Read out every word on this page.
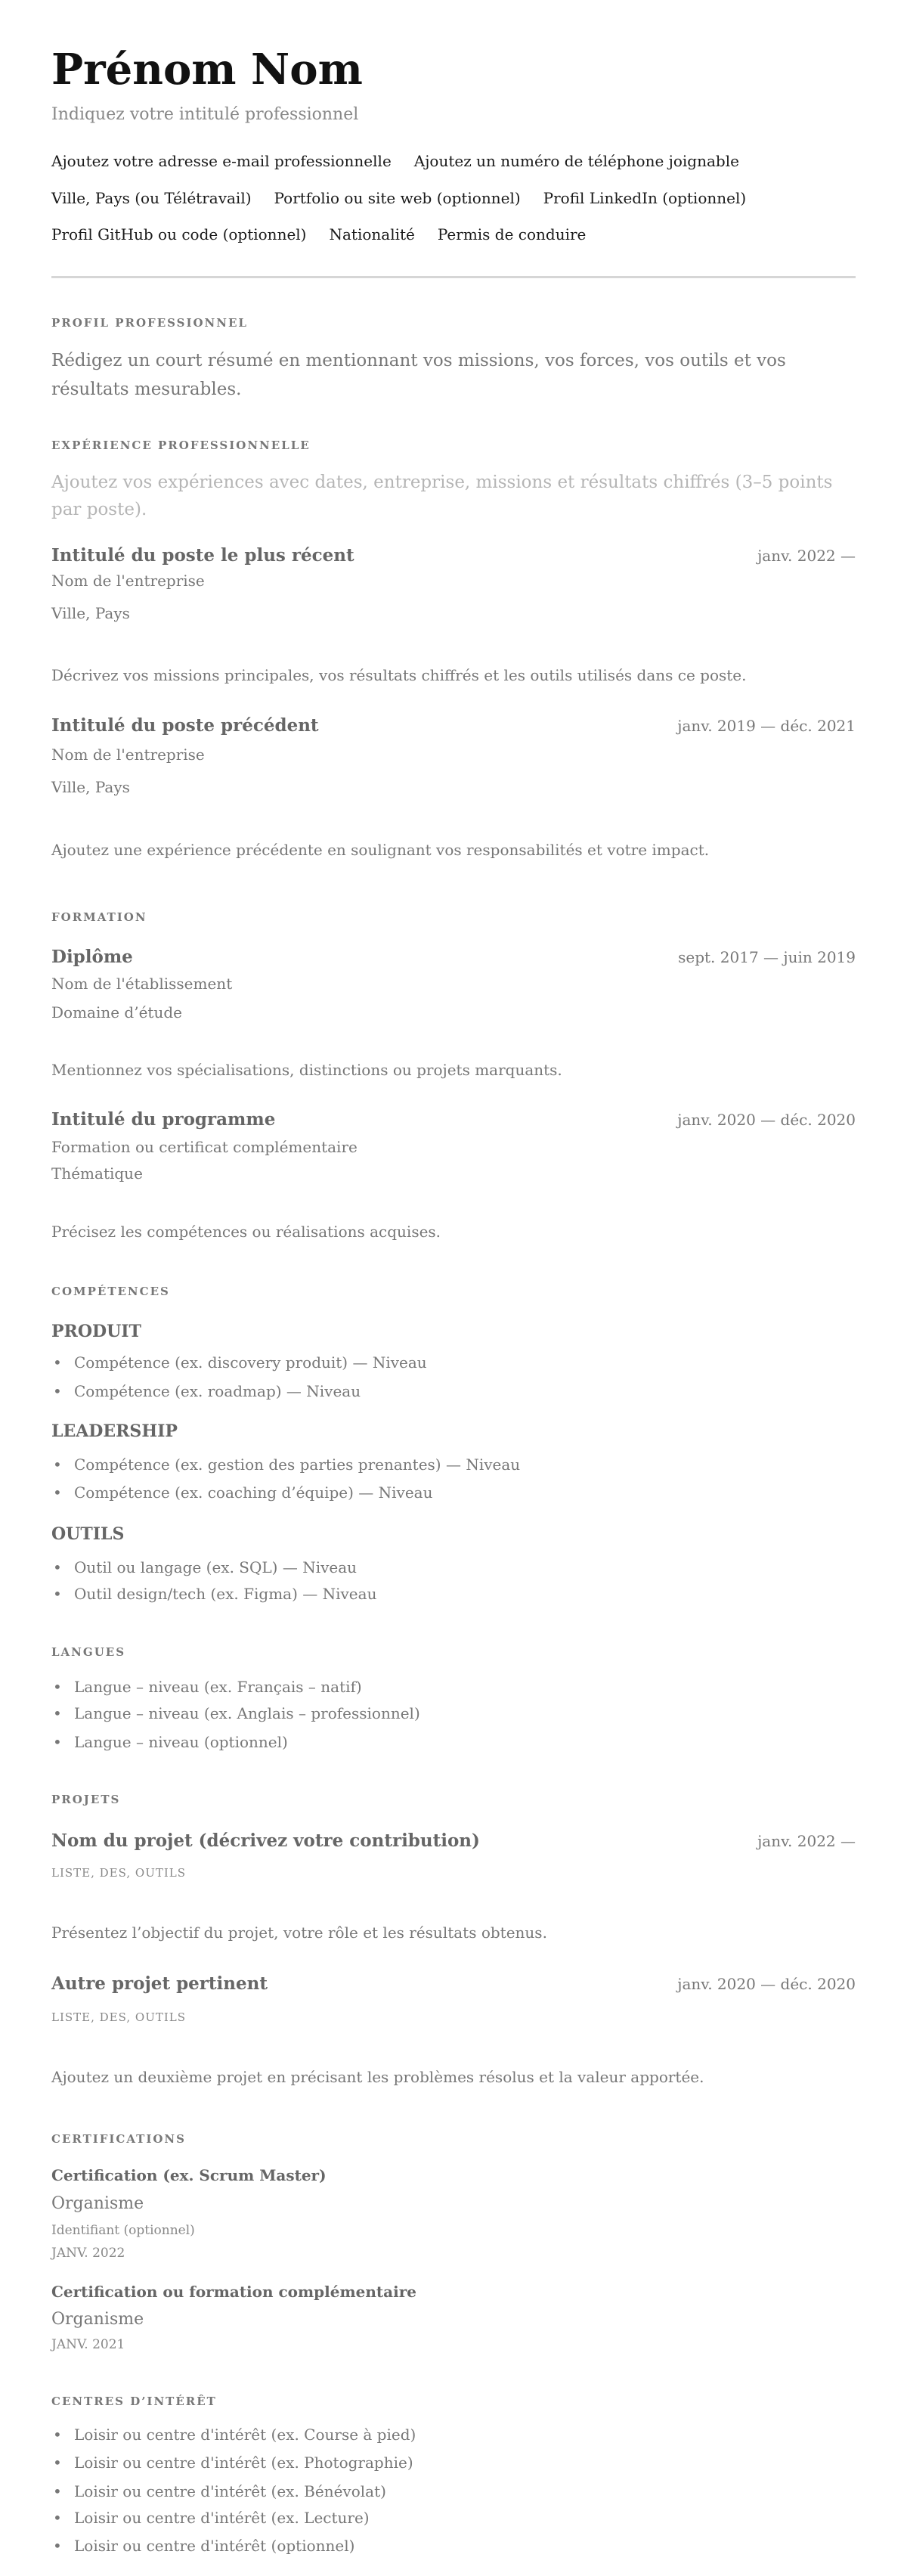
Prénom Nom
Indiquez votre intitulé professionnel
Ajoutez votre adresse e-mail professionnelle Ajoutez un numéro de téléphone joignable
Ville, Pays (ou Télétravail) Portfolio ou site web (optionnel) Profil LinkedIn (optionnel)
Profil GitHub ou code (optionnel) Nationalité Permis de conduire
PROFIL PROFESSIONNEL
Rédigez un court résumé en mentionnant vos missions, vos forces, vos outils et vos résultats mesurables.
EXPÉRIENCE PROFESSIONNELLE
Ajoutez vos expériences avec dates, entreprise, missions et résultats chiffrés (3–5 points par poste).
Intitulé du poste le plus récent	janv. 2022 —
Nom de l'entreprise
Ville, Pays
Décrivez vos missions principales, vos résultats chiffrés et les outils utilisés dans ce poste.
Intitulé du poste précédent	janv. 2019 — déc. 2021
Nom de l'entreprise
Ville, Pays
Ajoutez une expérience précédente en soulignant vos responsabilités et votre impact.
FORMATION
Diplôme	sept. 2017 — juin 2019
Nom de l'établissement
Domaine d’étude
Mentionnez vos spécialisations, distinctions ou projets marquants.
Intitulé du programme	janv. 2020 — déc. 2020
Formation ou certificat complémentaire
Thématique
Précisez les compétences ou réalisations acquises.
COMPÉTENCES
PRODUIT
• Compétence (ex. discovery produit) — Niveau
• Compétence (ex. roadmap) — Niveau
LEADERSHIP
• Compétence (ex. gestion des parties prenantes) — Niveau
• Compétence (ex. coaching d’équipe) — Niveau
OUTILS
• Outil ou langage (ex. SQL) — Niveau
• Outil design/tech (ex. Figma) — Niveau
LANGUES
• Langue – niveau (ex. Français – natif)
• Langue – niveau (ex. Anglais – professionnel)
• Langue – niveau (optionnel)
PROJETS
Nom du projet (décrivez votre contribution)	janv. 2022 —
LISTE, DES, OUTILS
Présentez l’objectif du projet, votre rôle et les résultats obtenus.
Autre projet pertinent	janv. 2020 — déc. 2020
LISTE, DES, OUTILS
Ajoutez un deuxième projet en précisant les problèmes résolus et la valeur apportée.
CERTIFICATIONS
Certification (ex. Scrum Master)
Organisme
Identifiant (optionnel)
JANV. 2022
Certification ou formation complémentaire
Organisme
JANV. 2021
CENTRES D’INTÉRÊT
• Loisir ou centre d'intérêt (ex. Course à pied)
• Loisir ou centre d'intérêt (ex. Photographie)
• Loisir ou centre d'intérêt (ex. Bénévolat)
• Loisir ou centre d'intérêt (ex. Lecture)
• Loisir ou centre d'intérêt (optionnel)
